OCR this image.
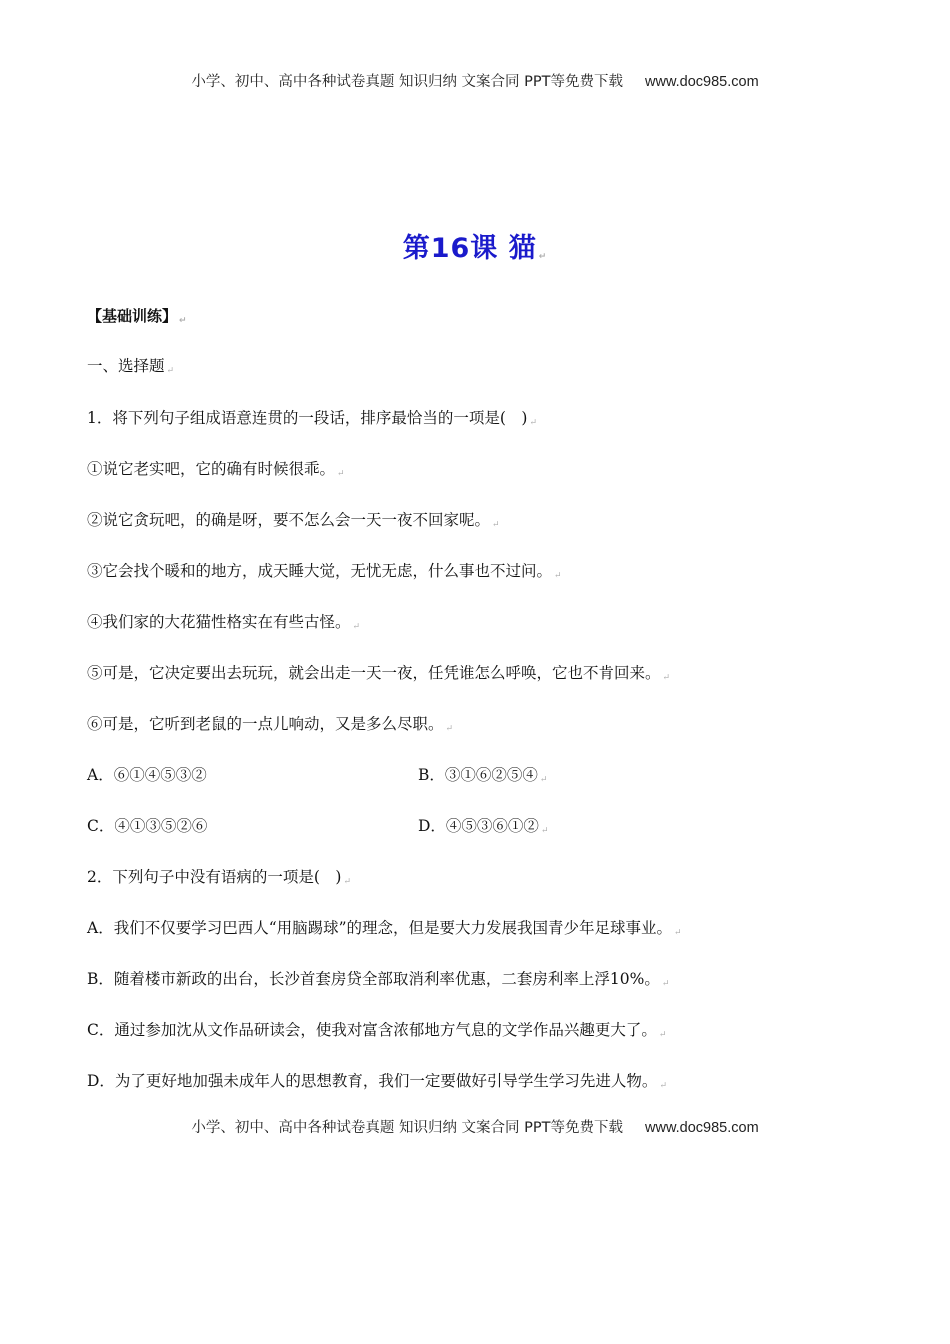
小学、初中、高中各种试卷真题 知识归纳 文案合同 PPT等免费下载 www.doc985.com
第16课 猫 ↵
【基础训练】 ↵
一、选择题 ↵
1．将下列句子组成语意连贯的一段话，排序最恰当的一项是(　) ↵
①说它老实吧，它的确有时候很乖。 ↵
②说它贪玩吧，的确是呀，要不怎么会一天一夜不回家呢。 ↵
③它会找个暖和的地方，成天睡大觉，无忧无虑，什么事也不过问。 ↵
④我们家的大花猫性格实在有些古怪。 ↵
⑤可是，它决定要出去玩玩，就会出走一天一夜，任凭谁怎么呼唤，它也不肯回来。 ↵
⑥可是，它听到老鼠的一点儿响动，又是多么尽职。 ↵
A．⑥①④⑤③②	B．③①⑥②⑤④ ↵
C．④①③⑤②⑥	D．④⑤③⑥①② ↵
2．下列句子中没有语病的一项是(　) ↵
A．我们不仅要学习巴西人“用脑踢球”的理念，但是要大力发展我国青少年足球事业。 ↵
B．随着楼市新政的出台，长沙首套房贷全部取消利率优惠，二套房利率上浮10%。 ↵
C．通过参加沈从文作品研读会，使我对富含浓郁地方气息的文学作品兴趣更大了。 ↵
D．为了更好地加强未成年人的思想教育，我们一定要做好引导学生学习先进人物。 ↵
小学、初中、高中各种试卷真题 知识归纳 文案合同 PPT等免费下载 www.doc985.com
